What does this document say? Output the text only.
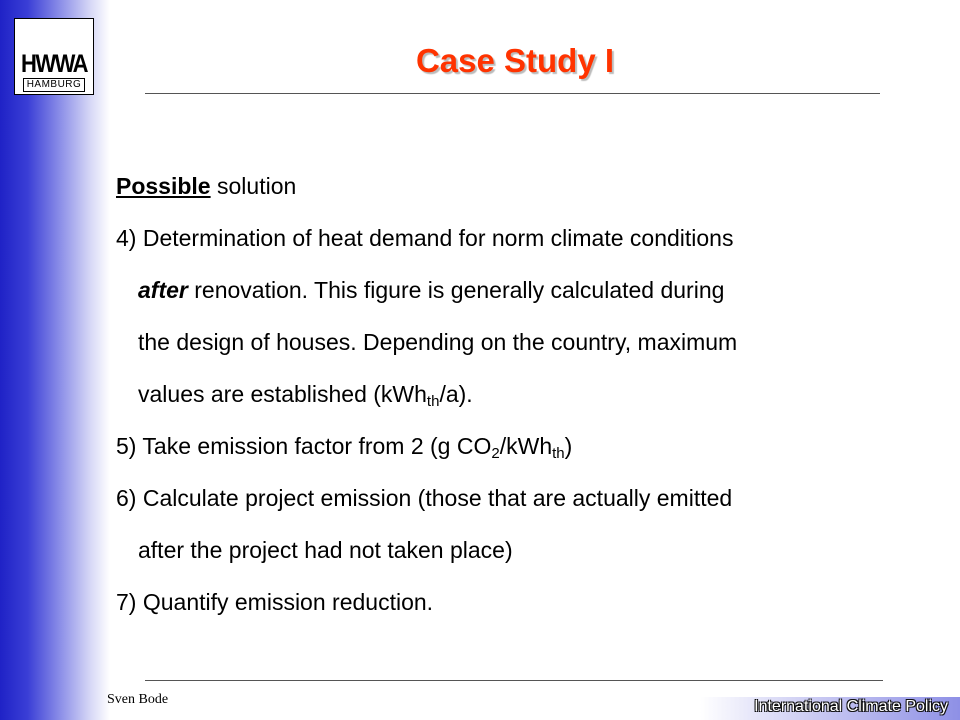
HWWA
HAMBURG
Case Study I

Possible solution

4) Determination of heat demand for norm climate conditions

after renovation. This figure is generally calculated during

the design of houses. Depending on the country, maximum

values are established (kWh$_{th}$/a).

5) Take emission factor from 2 (g $CO_2/kWh_{th}$)

6) Calculate project emission (those that are actually emitted

after the project had not taken place)

7) Quantify emission reduction.

Sven Bode	International Climate Policy
